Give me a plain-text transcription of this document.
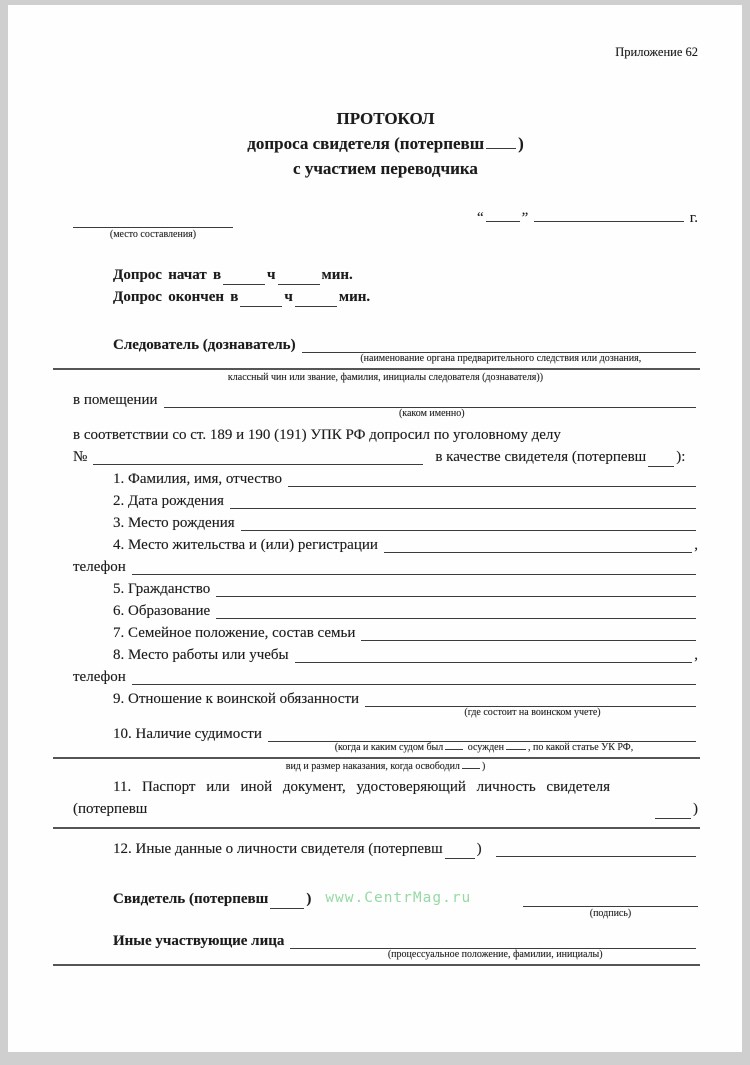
Приложение 62
ПРОТОКОЛ
допроса свидетеля (потерпевш )
с участием переводчика
(место составления)
“	”	г.
Допрос начат в	ч	мин.
Допрос окончен в	ч	мин.
Следователь (дознаватель)
(наименование органа предварительного следствия или дознания,
классный чин или звание, фамилия, инициалы следователя (дознавателя))
в помещении
(каком именно)
в соответствии со ст. 189 и 190 (191) УПК РФ допросил по уголовному делу
№	в качестве свидетеля (потерпевш ):
1. Фамилия, имя, отчество
2. Дата рождения
3. Место рождения
4. Место жительства и (или) регистрации	,
телефон
5. Гражданство
6. Образование
7. Семейное положение, состав семьи
8. Место работы или учебы	,
телефон
9. Отношение к воинской обязанности
(где состоит на воинском учете)
10. Наличие судимости
(когда и каким судом был осужден , по какой статье УК РФ,
вид и размер наказания, когда освободил )
11. Паспорт или иной документ, удостоверяющий личность свидетеля
(потерпевш	)
12. Иные данные о личности свидетеля (потерпевш )
Свидетель (потерпевш	) www.CentrMag.ru
(подпись)
Иные участвующие лица
(процессуальное положение, фамилии, инициалы)
